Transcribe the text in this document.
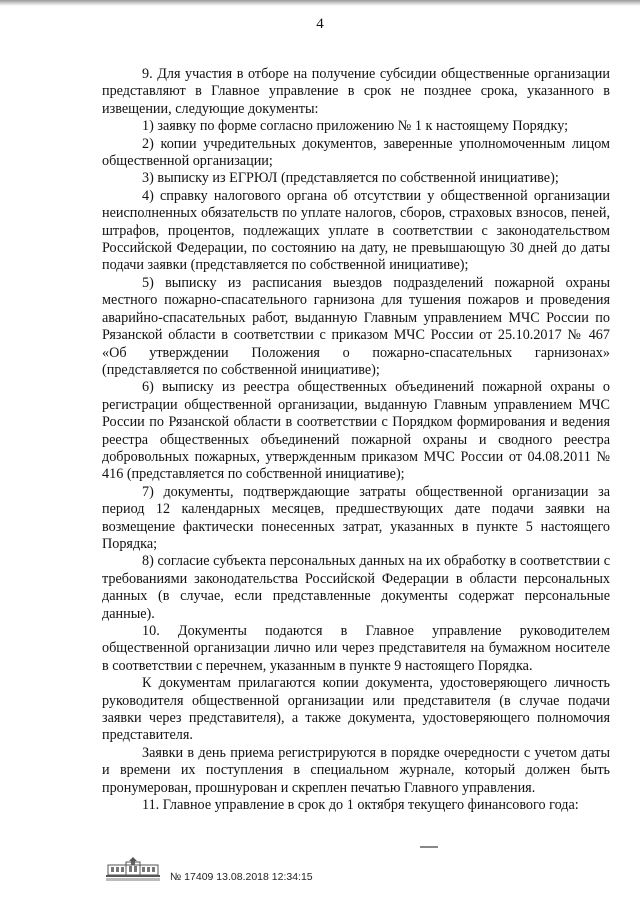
4

9. Для участия в отборе на получение субсидии общественные организации представляют в Главное управление в срок не позднее срока, указанного в извещении, следующие документы:

1) заявку по форме согласно приложению № 1 к настоящему Порядку;

2) копии учредительных документов, заверенные уполномоченным лицом общественной организации;

3) выписку из ЕГРЮЛ (представляется по собственной инициативе);

4) справку налогового органа об отсутствии у общественной организации неисполненных обязательств по уплате налогов, сборов, страховых взносов, пеней, штрафов, процентов, подлежащих уплате в соответствии с законодательством Российской Федерации, по состоянию на дату, не превышающую 30 дней до даты подачи заявки (представляется по собственной инициативе);

5) выписку из расписания выездов подразделений пожарной охраны местного пожарно-спасательного гарнизона для тушения пожаров и проведения аварийно-спасательных работ, выданную Главным управлением МЧС России по Рязанской области в соответствии с приказом МЧС России от 25.10.2017 № 467 «Об утверждении Положения о пожарно-спасательных гарнизонах» (представляется по собственной инициативе);

6) выписку из реестра общественных объединений пожарной охраны о регистрации общественной организации, выданную Главным управлением МЧС России по Рязанской области в соответствии с Порядком формирования и ведения реестра общественных объединений пожарной охраны и сводного реестра добровольных пожарных, утвержденным приказом МЧС России от 04.08.2011 № 416 (представляется по собственной инициативе);

7) документы, подтверждающие затраты общественной организации за период 12 календарных месяцев, предшествующих дате подачи заявки на возмещение фактически понесенных затрат, указанных в пункте 5 настоящего Порядка;

8) согласие субъекта персональных данных на их обработку в соответствии с требованиями законодательства Российской Федерации в области персональных данных (в случае, если представленные документы содержат персональные данные).

10. Документы подаются в Главное управление руководителем общественной организации лично или через представителя на бумажном носителе в соответствии с перечнем, указанным в пункте 9 настоящего Порядка.

К документам прилагаются копии документа, удостоверяющего личность руководителя общественной организации или представителя (в случае подачи заявки через представителя), а также документа, удостоверяющего полномочия представителя.

Заявки в день приема регистрируются в порядке очередности с учетом даты и времени их поступления в специальном журнале, который должен быть пронумерован, прошнурован и скреплен печатью Главного управления.

11. Главное управление в срок до 1 октября текущего финансового года:

№ 17409 13.08.2018 12:34:15
